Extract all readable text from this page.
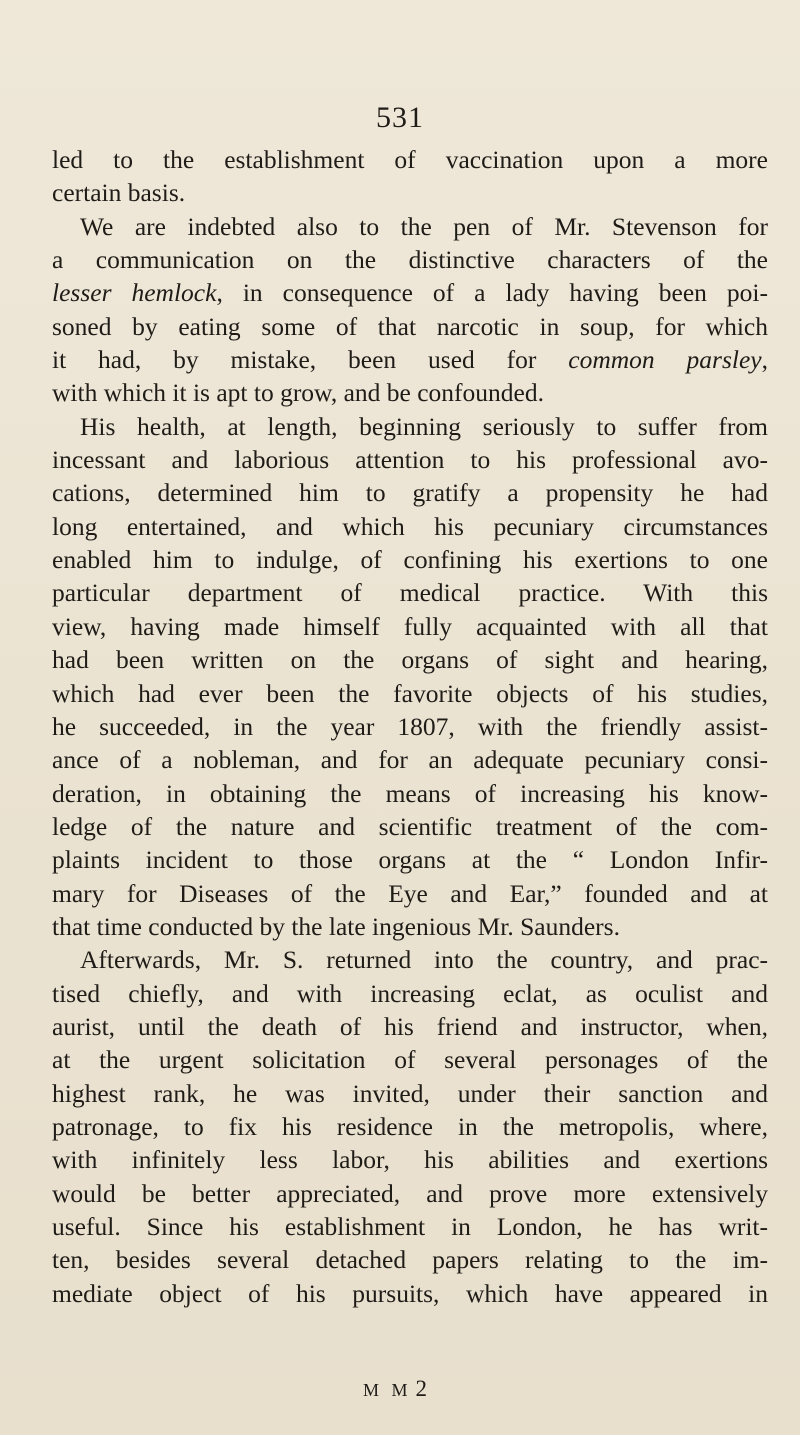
531
led to the establishment of vaccination upon a more
certain basis.
We are indebted also to the pen of Mr. Stevenson for
a communication on the distinctive characters of the
lesser hemlock, in consequence of a lady having been poi-
soned by eating some of that narcotic in soup, for which
it had, by mistake, been used for common parsley,
with which it is apt to grow, and be confounded.
His health, at length, beginning seriously to suffer from
incessant and laborious attention to his professional avo-
cations, determined him to gratify a propensity he had
long entertained, and which his pecuniary circumstances
enabled him to indulge, of confining his exertions to one
particular department of medical practice. With this
view, having made himself fully acquainted with all that
had been written on the organs of sight and hearing,
which had ever been the favorite objects of his studies,
he succeeded, in the year 1807, with the friendly assist-
ance of a nobleman, and for an adequate pecuniary consi-
deration, in obtaining the means of increasing his know-
ledge of the nature and scientific treatment of the com-
plaints incident to those organs at the “ London Infir-
mary for Diseases of the Eye and Ear,” founded and at
that time conducted by the late ingenious Mr. Saunders.
Afterwards, Mr. S. returned into the country, and prac-
tised chiefly, and with increasing eclat, as oculist and
aurist, until the death of his friend and instructor, when,
at the urgent solicitation of several personages of the
highest rank, he was invited, under their sanction and
patronage, to fix his residence in the metropolis, where,
with infinitely less labor, his abilities and exertions
would be better appreciated, and prove more extensively
useful. Since his establishment in London, he has writ-
ten, besides several detached papers relating to the im-
mediate object of his pursuits, which have appeared in
M M 2
